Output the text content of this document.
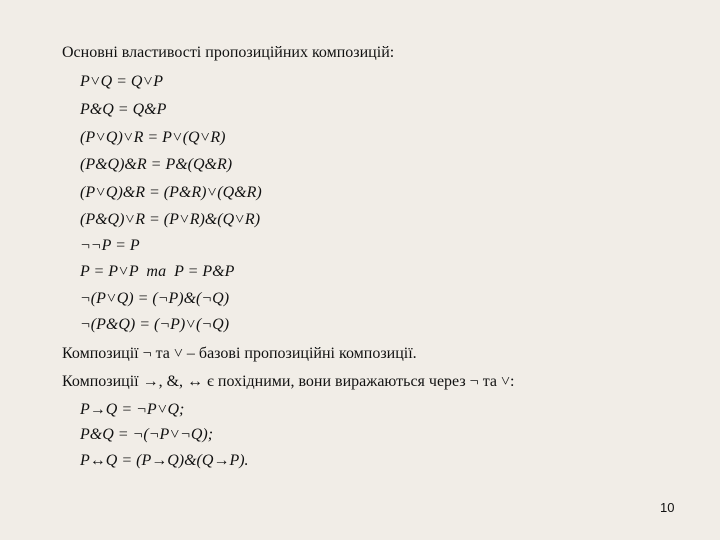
Основні властивості пропозиційних композицій:
P˅Q = Q˅P
P&Q = Q&P
(P˅Q)˅R = P˅(Q˅R)
(P&Q)&R = P&(Q&R)
(P˅Q)&R = (P&R)˅(Q&R)
(P&Q)˅R = (P˅R)&(Q˅R)
¬¬P = P
P = P˅P  та  P = P&P
¬(P˅Q) = (¬P)&(¬Q)
¬(P&Q) = (¬P)˅(¬Q)
Композиції ¬ та ˅ – базові пропозиційні композиції.
Композиції →, &, ↔ є похідними, вони виражаються через ¬ та ˅:
P→Q = ¬P˅Q;
P&Q = ¬(¬P˅¬Q);
P↔Q = (P→Q)&(Q→P).
10
